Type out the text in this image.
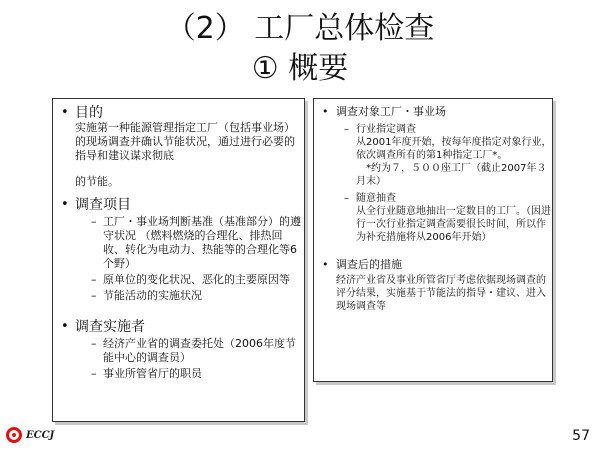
（2） 工厂总体检查
① 概要
• 目的
实施第一种能源管理指定工厂（包括事业场）的现场调查并确认节能状况，通过进行必要的指导和建议谋求彻底
的节能。
• 调查项目
– 工厂・事业场判断基准（基准部分）的遵守状况 （燃料燃烧的合理化、排热回收、转化为电动力、热能等的合理化等6个野）
– 原单位的变化状况、恶化的主要原因等
– 节能活动的实施状况
• 调查实施者
– 经济产业省的调查委托处（2006年度节能中心的调查员）
– 事业所管省厅的职员
• 调查对象工厂・事业场
– 行业指定调查
从2001年度开始，按每年度指定对象行业，依次调查所有的第1种指定工厂*。
　*约为７，５００座工厂（截止2007年３月末）
– 随意抽查
从全行业随意地抽出一定数目的工厂。（因进行一次行业指定调查需要很长时间，所以作为补充措施将从2006年开始）
• 调查后的措施
经济产业省及事业所管省厅考虑依据现场调查的评分结果，实施基于节能法的指导・建议、进入现场调查等
ECCJ	57
